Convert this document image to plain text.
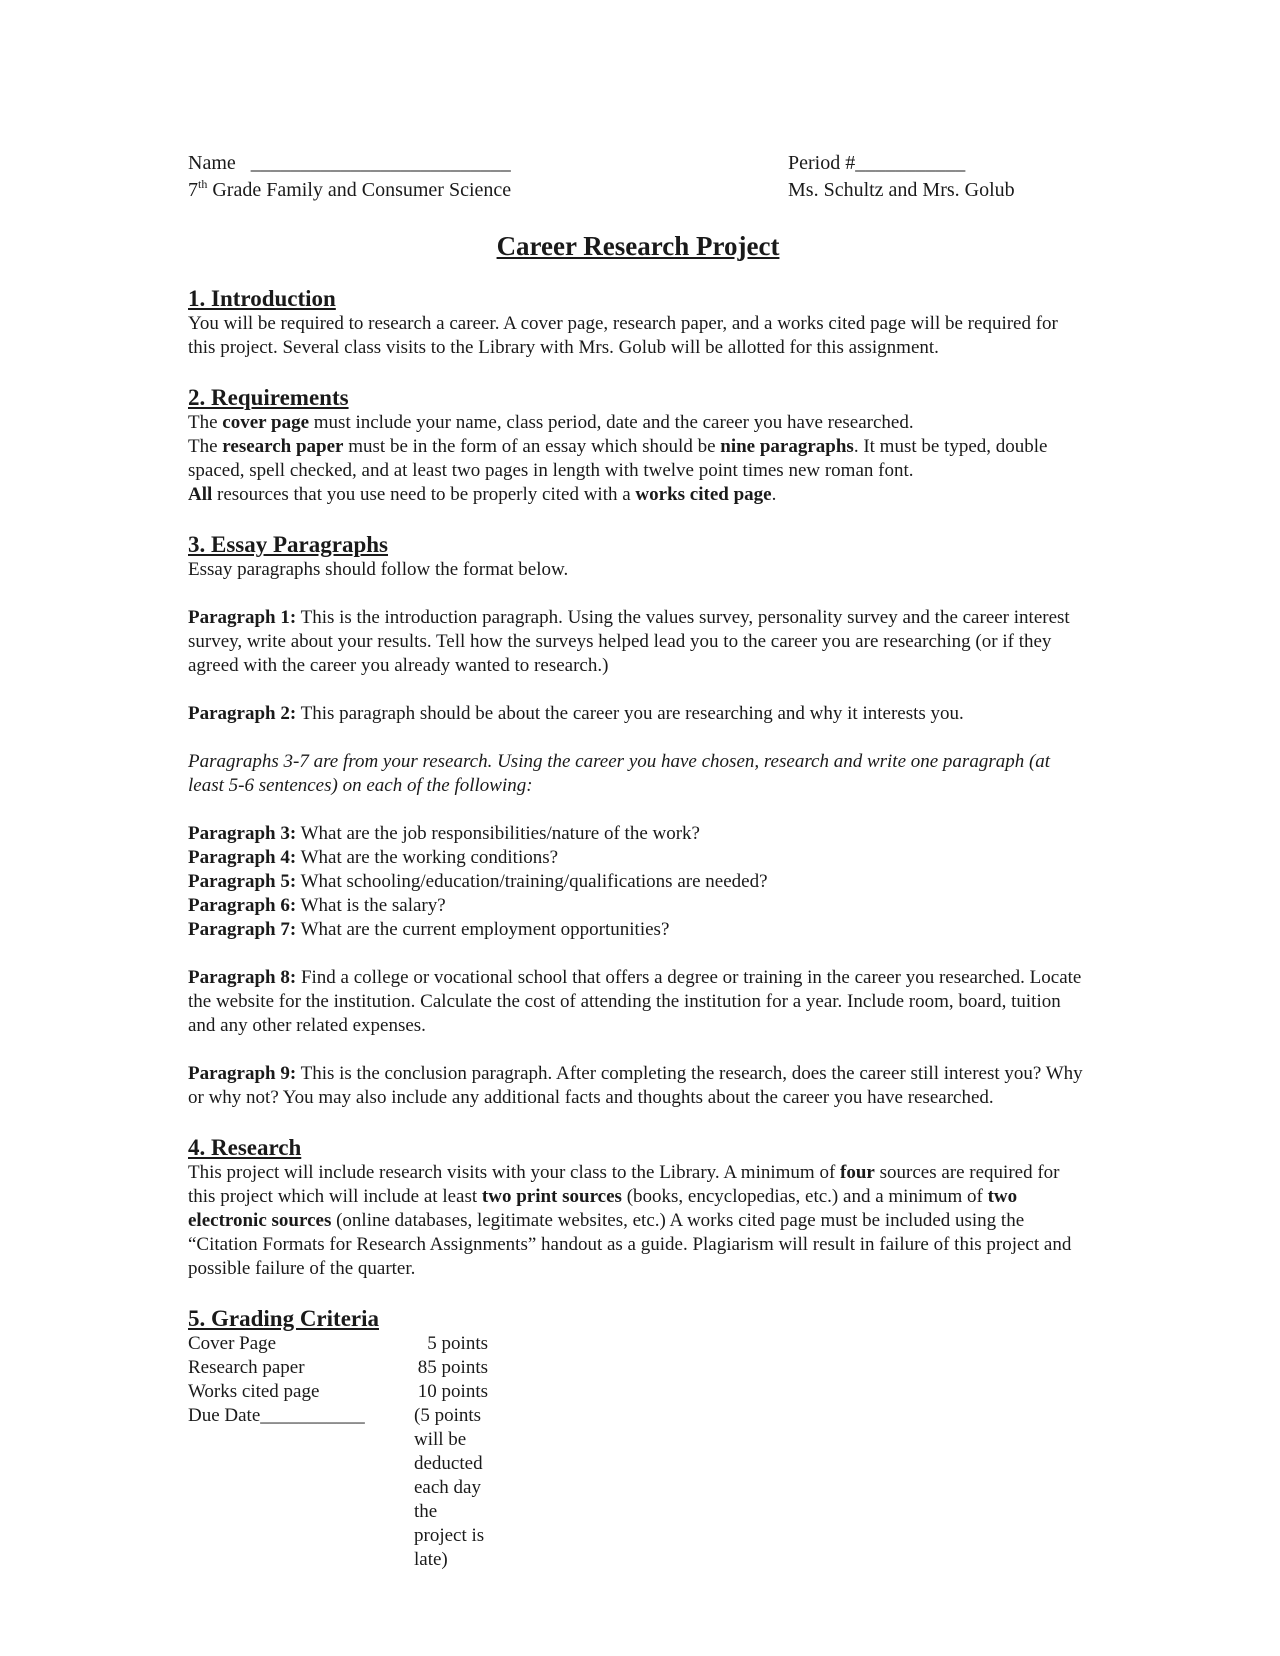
Name __________________________	Period #___________
7th Grade Family and Consumer Science	Ms. Schultz and Mrs. Golub
Career Research Project
1. Introduction

You will be required to research a career. A cover page, research paper, and a works cited page will be required for this project. Several class visits to the Library with Mrs. Golub will be allotted for this assignment.

2. Requirements

The cover page must include your name, class period, date and the career you have researched.

The research paper must be in the form of an essay which should be nine paragraphs. It must be typed, double spaced, spell checked, and at least two pages in length with twelve point times new roman font.

All resources that you use need to be properly cited with a works cited page.

3. Essay Paragraphs

Essay paragraphs should follow the format below.

Paragraph 1: This is the introduction paragraph. Using the values survey, personality survey and the career interest survey, write about your results. Tell how the surveys helped lead you to the career you are researching (or if they agreed with the career you already wanted to research.)

Paragraph 2: This paragraph should be about the career you are researching and why it interests you.

Paragraphs 3-7 are from your research. Using the career you have chosen, research and write one paragraph (at least 5-6 sentences) on each of the following:

Paragraph 3: What are the job responsibilities/nature of the work?

Paragraph 4: What are the working conditions?

Paragraph 5: What schooling/education/training/qualifications are needed?

Paragraph 6: What is the salary?

Paragraph 7: What are the current employment opportunities?

Paragraph 8: Find a college or vocational school that offers a degree or training in the career you researched. Locate the website for the institution. Calculate the cost of attending the institution for a year. Include room, board, tuition and any other related expenses.

Paragraph 9: This is the conclusion paragraph. After completing the research, does the career still interest you? Why or why not? You may also include any additional facts and thoughts about the career you have researched.

4. Research

This project will include research visits with your class to the Library. A minimum of four sources are required for this project which will include at least two print sources (books, encyclopedias, etc.) and a minimum of two electronic sources (online databases, legitimate websites, etc.) A works cited page must be included using the “Citation Formats for Research Assignments” handout as a guide. Plagiarism will result in failure of this project and possible failure of the quarter.

5. Grading Criteria
Cover Page	5 points
Research paper	85 points
Works cited page	10 points
Due Date___________	(5 points will be deducted each day the project is late)
